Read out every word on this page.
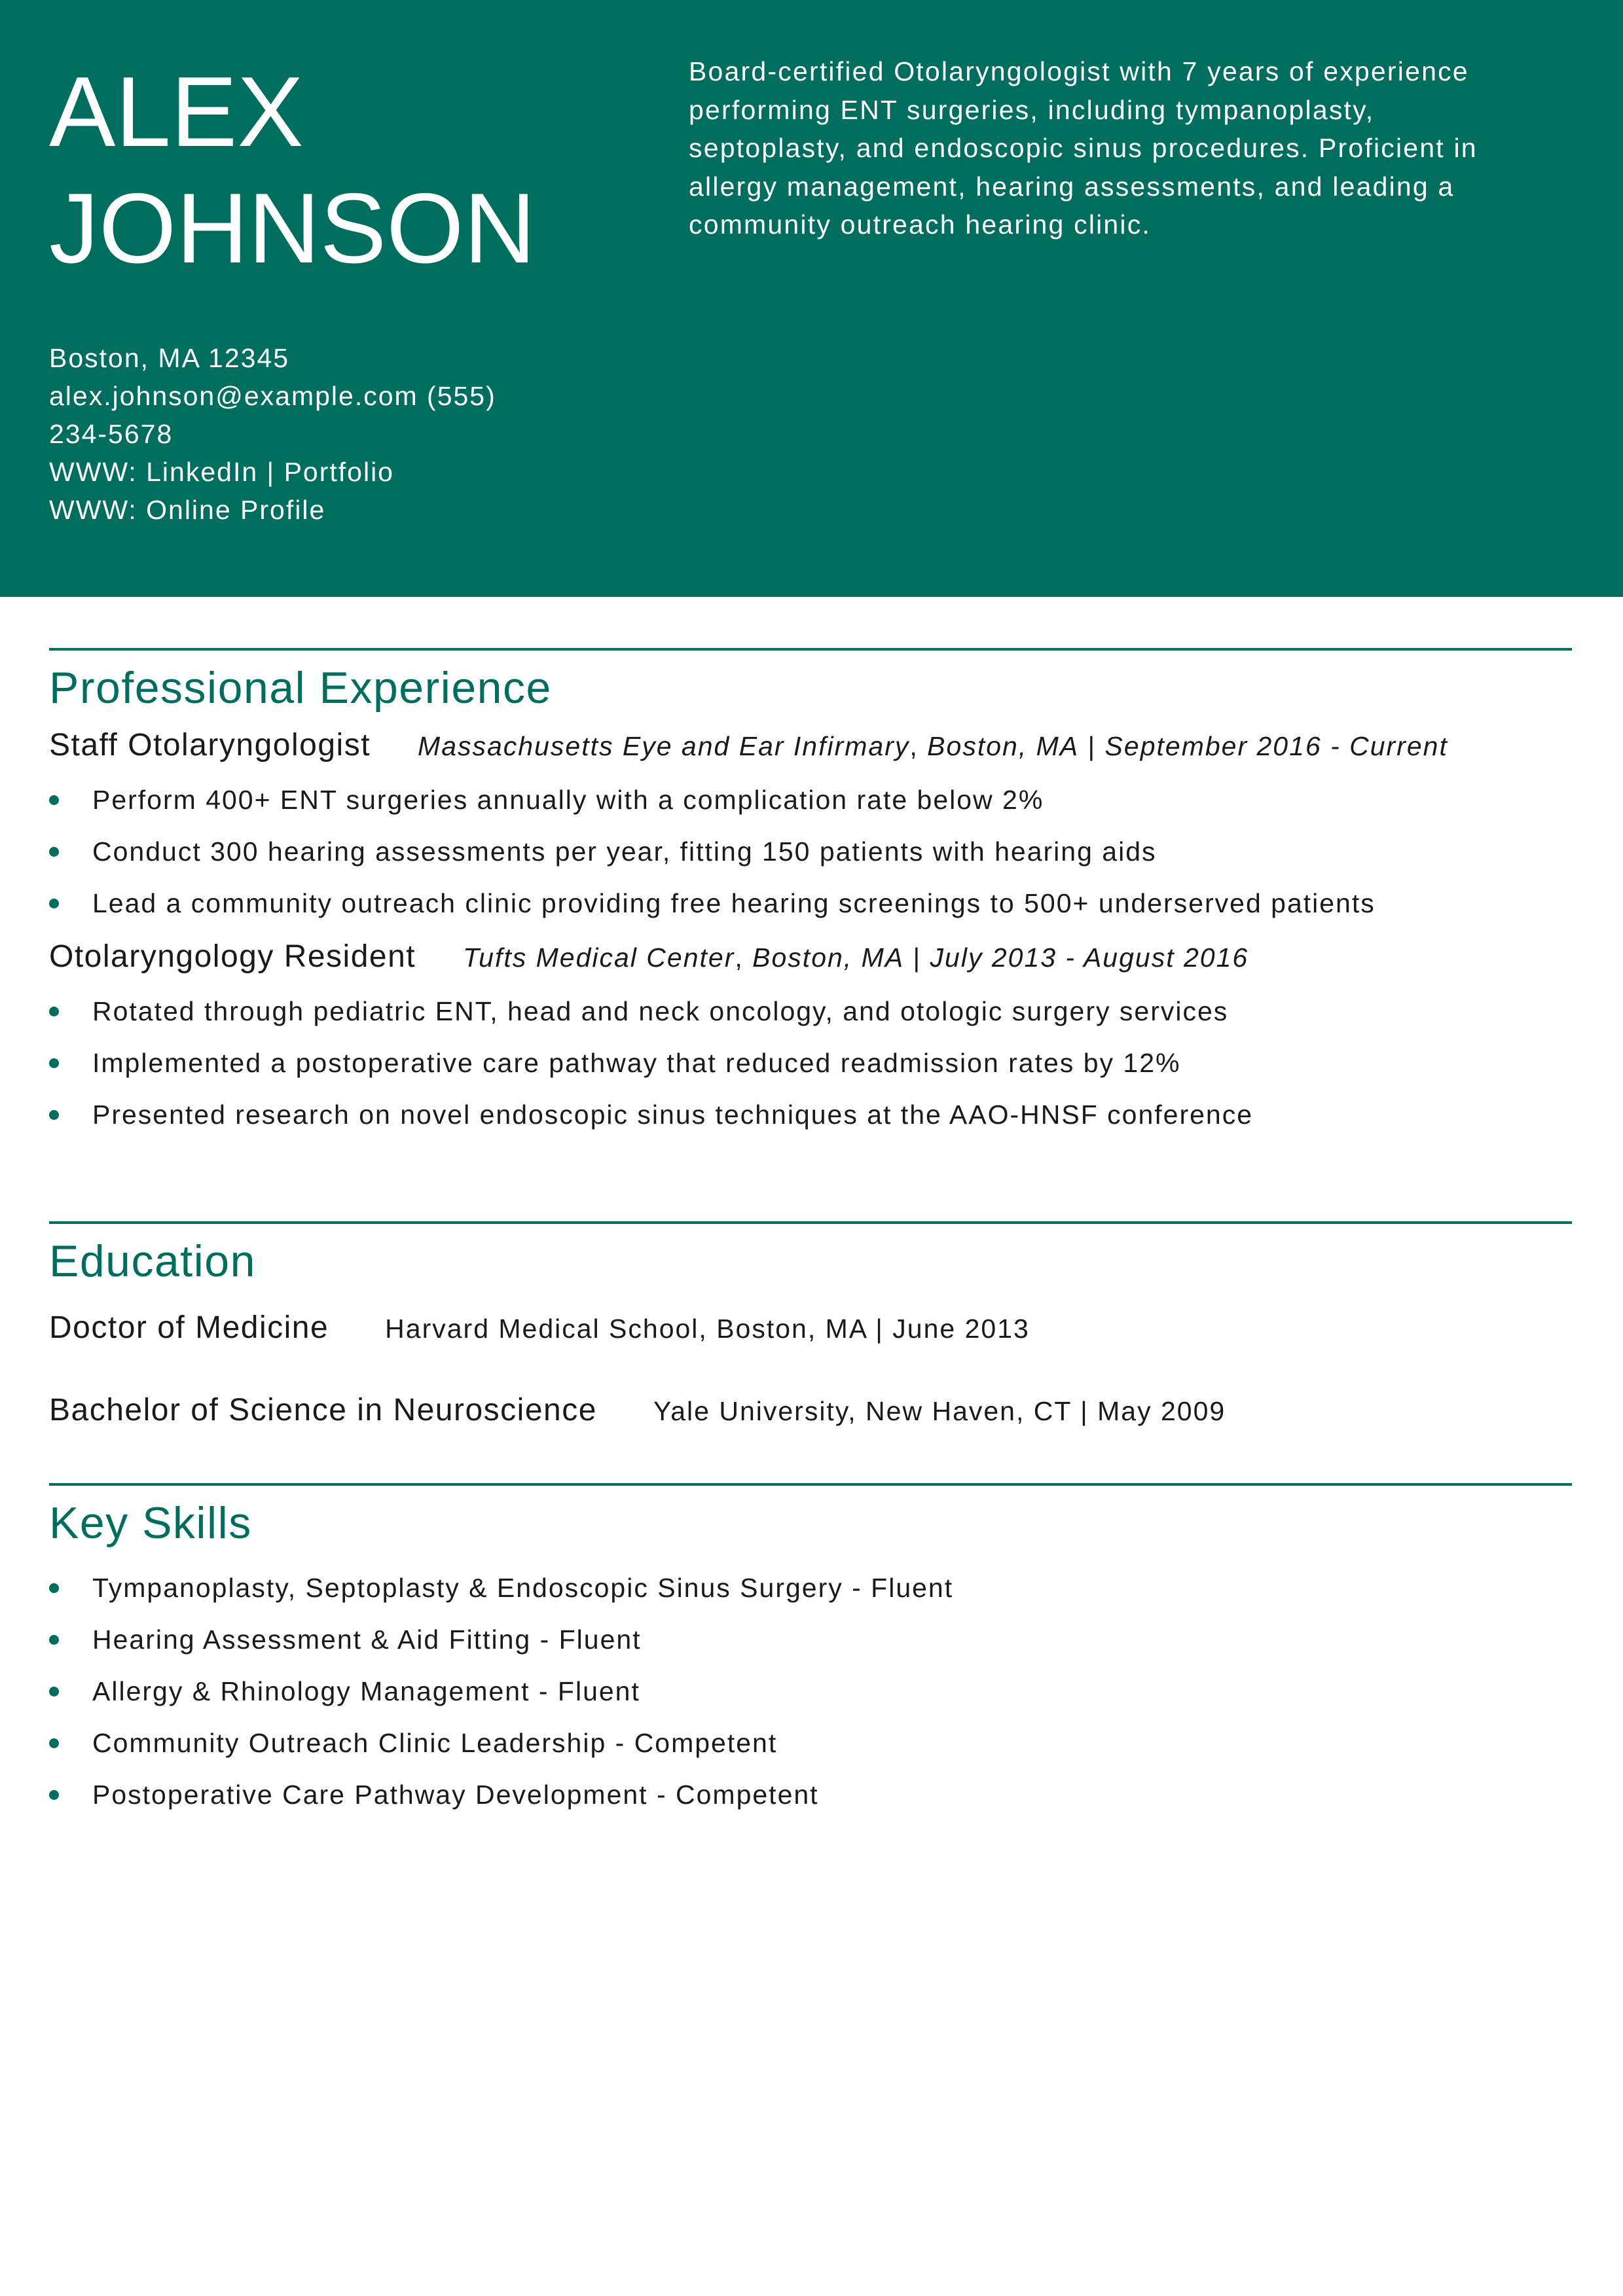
ALEX
JOHNSON
Boston, MA 12345
alex.johnson@example.com (555)
234-5678
WWW: LinkedIn | Portfolio
WWW: Online Profile
Board-certified Otolaryngologist with 7 years of experience performing ENT surgeries, including tympanoplasty, septoplasty, and endoscopic sinus procedures. Proficient in allergy management, hearing assessments, and leading a community outreach hearing clinic.
Professional Experience
Staff Otolaryngologist Massachusetts Eye and Ear Infirmary, Boston, MA | September 2016 - Current
Perform 400+ ENT surgeries annually with a complication rate below 2%
Conduct 300 hearing assessments per year, fitting 150 patients with hearing aids
Lead a community outreach clinic providing free hearing screenings to 500+ underserved patients
Otolaryngology Resident Tufts Medical Center, Boston, MA | July 2013 - August 2016
Rotated through pediatric ENT, head and neck oncology, and otologic surgery services
Implemented a postoperative care pathway that reduced readmission rates by 12%
Presented research on novel endoscopic sinus techniques at the AAO-HNSF conference
Education
Doctor of Medicine Harvard Medical School, Boston, MA | June 2013
Bachelor of Science in Neuroscience Yale University, New Haven, CT | May 2009
Key Skills
Tympanoplasty, Septoplasty & Endoscopic Sinus Surgery - Fluent
Hearing Assessment & Aid Fitting - Fluent
Allergy & Rhinology Management - Fluent
Community Outreach Clinic Leadership - Competent
Postoperative Care Pathway Development - Competent
